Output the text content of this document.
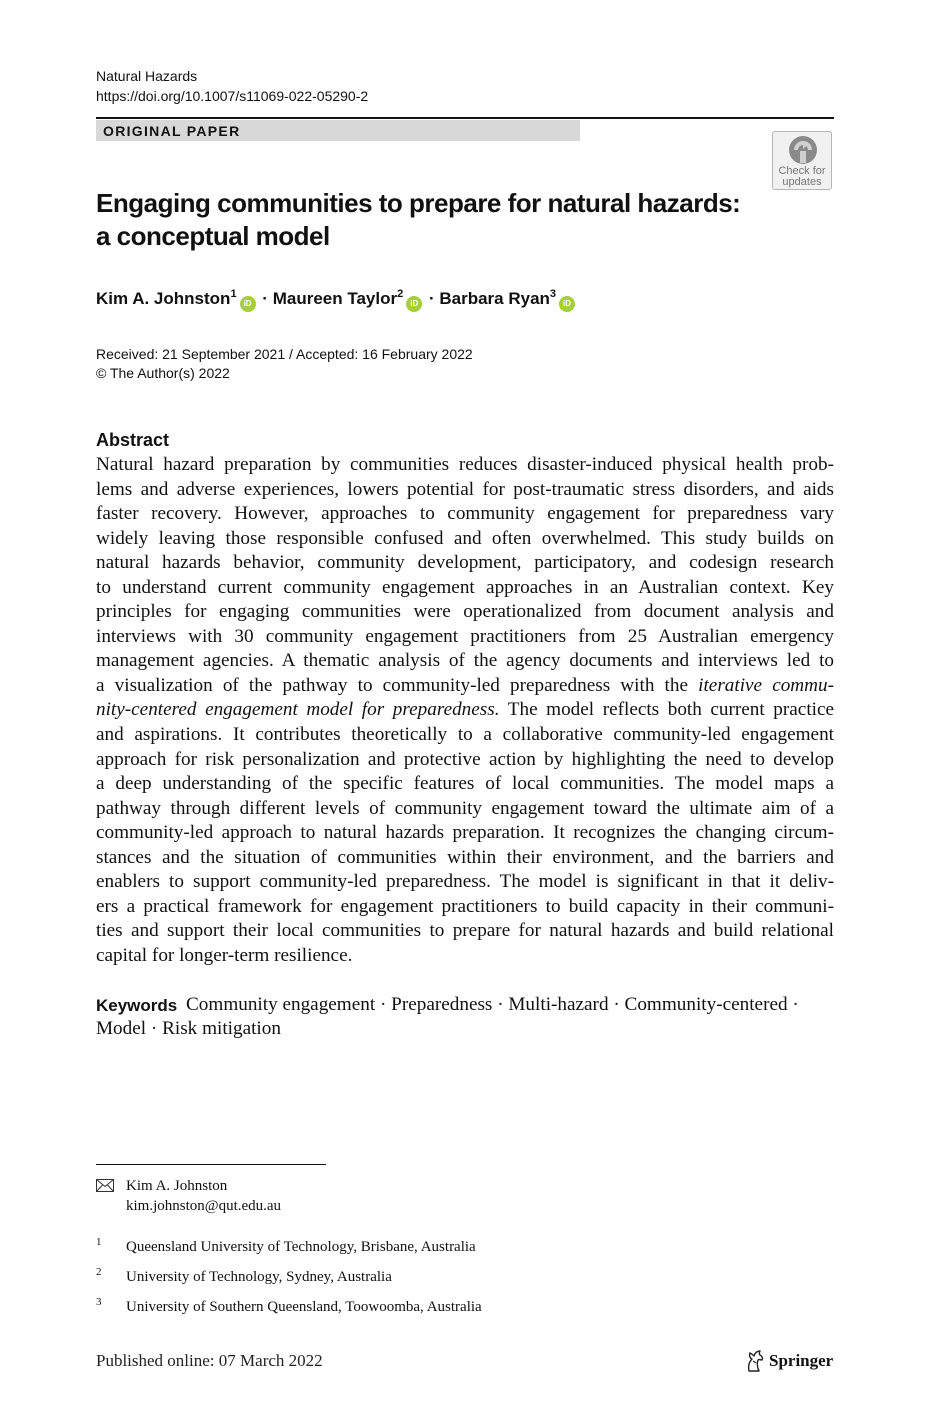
Natural Hazards
https://doi.org/10.1007/s11069-022-05290-2
ORIGINAL PAPER
Check for
updates
Engaging communities to prepare for natural hazards:
a conceptual model
Kim A. Johnston$^1$iD · Maureen Taylor$^2$iD · Barbara Ryan$^3$iD
Received: 21 September 2021 / Accepted: 16 February 2022
© The Author(s) 2022
Abstract
Natural hazard preparation by communities reduces disaster-induced physical health prob-
lems and adverse experiences, lowers potential for post-traumatic stress disorders, and aids
faster recovery. However, approaches to community engagement for preparedness vary
widely leaving those responsible confused and often overwhelmed. This study builds on
natural hazards behavior, community development, participatory, and codesign research
to understand current community engagement approaches in an Australian context. Key
principles for engaging communities were operationalized from document analysis and
interviews with 30 community engagement practitioners from 25 Australian emergency
management agencies. A thematic analysis of the agency documents and interviews led to
a visualization of the pathway to community-led preparedness with the iterative commu-
nity-centered engagement model for preparedness. The model reflects both current practice
and aspirations. It contributes theoretically to a collaborative community-led engagement
approach for risk personalization and protective action by highlighting the need to develop
a deep understanding of the specific features of local communities. The model maps a
pathway through different levels of community engagement toward the ultimate aim of a
community-led approach to natural hazards preparation. It recognizes the changing circum-
stances and the situation of communities within their environment, and the barriers and
enablers to support community-led preparedness. The model is significant in that it deliv-
ers a practical framework for engagement practitioners to build capacity in their communi-
ties and support their local communities to prepare for natural hazards and build relational
capital for longer-term resilience.
Keywords Community engagement · Preparedness · Multi-hazard · Community-centered ·
Model · Risk mitigation
Kim A. Johnston
kim.johnston@qut.edu.au
1 Queensland University of Technology, Brisbane, Australia
2 University of Technology, Sydney, Australia
3 University of Southern Queensland, Toowoomba, Australia
Published online: 07 March 2022	Springer
